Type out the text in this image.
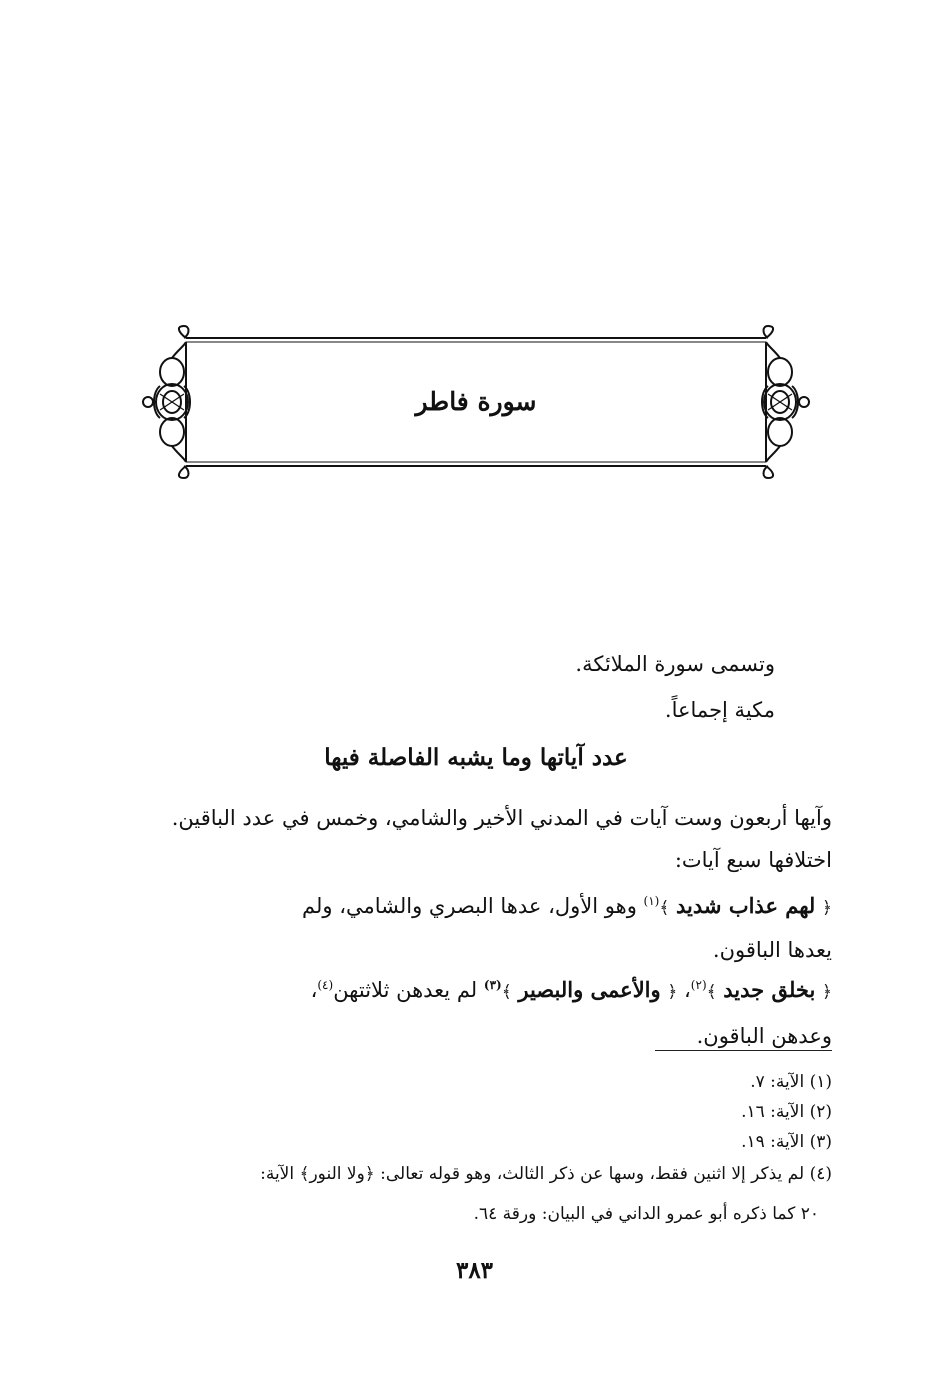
سورة فاطر
وتسمى سورة الملائكة.
مكية إجماعاً.
عدد آياتها وما يشبه الفاصلة فيها
وآيها أربعون وست آيات في المدني الأخير والشامي، وخمس في عدد الباقين.
اختلافها سبع آيات:
﴿ لهم عذاب شديد ﴾$^{(١)}$ وهو الأول، عدها البصري والشامي، ولم
يعدها الباقون.
﴿ بخلق جديد ﴾$^{(٢)}$، ﴿ والأعمى والبصير ﴾$^{(٣)}$ لم يعدهن ثلاثتهن$^{(٤)}$،
وعدهن الباقون.
(١) الآية: ٧.
(٢) الآية: ١٦.
(٣) الآية: ١٩.
(٤) لم يذكر إلا اثنين فقط، وسها عن ذكر الثالث، وهو قوله تعالى: ﴿ولا النور﴾ الآية:
٢٠ كما ذكره أبو عمرو الداني في البيان: ورقة ٦٤.
٣٨٣
